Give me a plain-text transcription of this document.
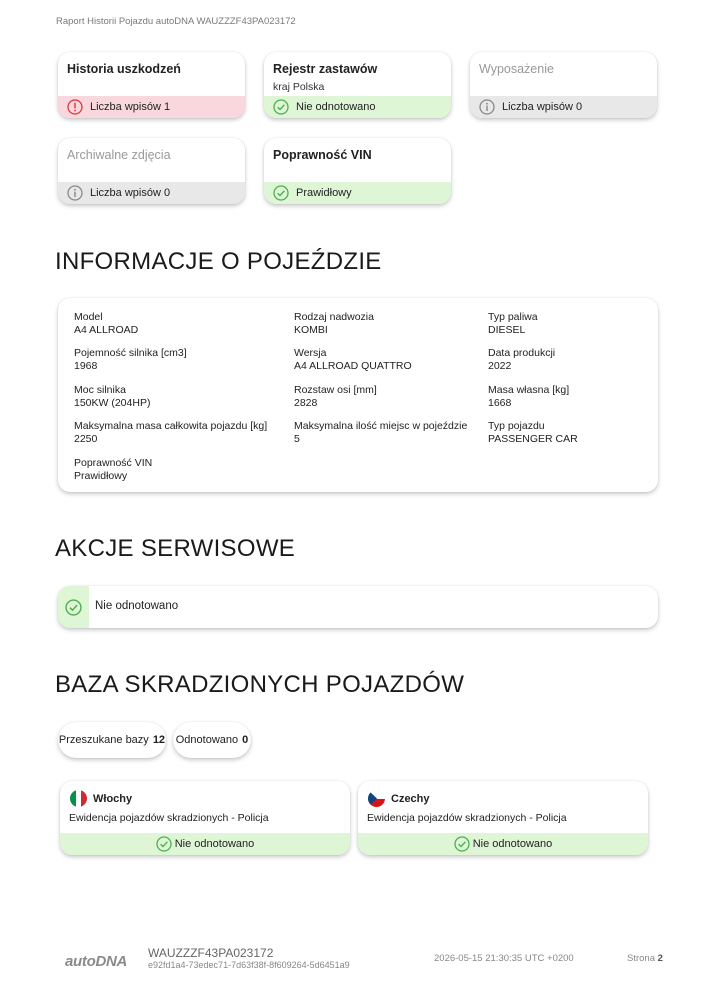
Raport Historii Pojazdu autoDNA WAUZZZF43PA023172
Historia uszkodzeń
Liczba wpisów 1
Rejestr zastawów
kraj Polska
Nie odnotowano
Wyposażenie
Liczba wpisów 0
Archiwalne zdjęcia
Liczba wpisów 0
Poprawność VIN
Prawidłowy
INFORMACJE O POJEŹDZIE
Model
A4 ALLROAD
Rodzaj nadwozia
KOMBI
Typ paliwa
DIESEL
Pojemność silnika [cm3]
1968
Wersja
A4 ALLROAD QUATTRO
Data produkcji
2022
Moc silnika
150KW (204HP)
Rozstaw osi [mm]
2828
Masa własna [kg]
1668
Maksymalna masa całkowita pojazdu [kg]
2250
Maksymalna ilość miejsc w pojeździe
5
Typ pojazdu
PASSENGER CAR
Poprawność VIN
Prawidłowy
AKCJE SERWISOWE
Nie odnotowano
BAZA SKRADZIONYCH POJAZDÓW
Przeszukane bazy 12 Odnotowano 0
Włochy
Ewidencja pojazdów skradzionych - Policja
Nie odnotowano
Czechy
Ewidencja pojazdów skradzionych - Policja
Nie odnotowano
autoDNA WAUZZZF43PA023172
e92fd1a4-73edec71-7d63f38f-8f609264-5d6451a9
2026-05-15 21:30:35 UTC +0200	Strona 2
